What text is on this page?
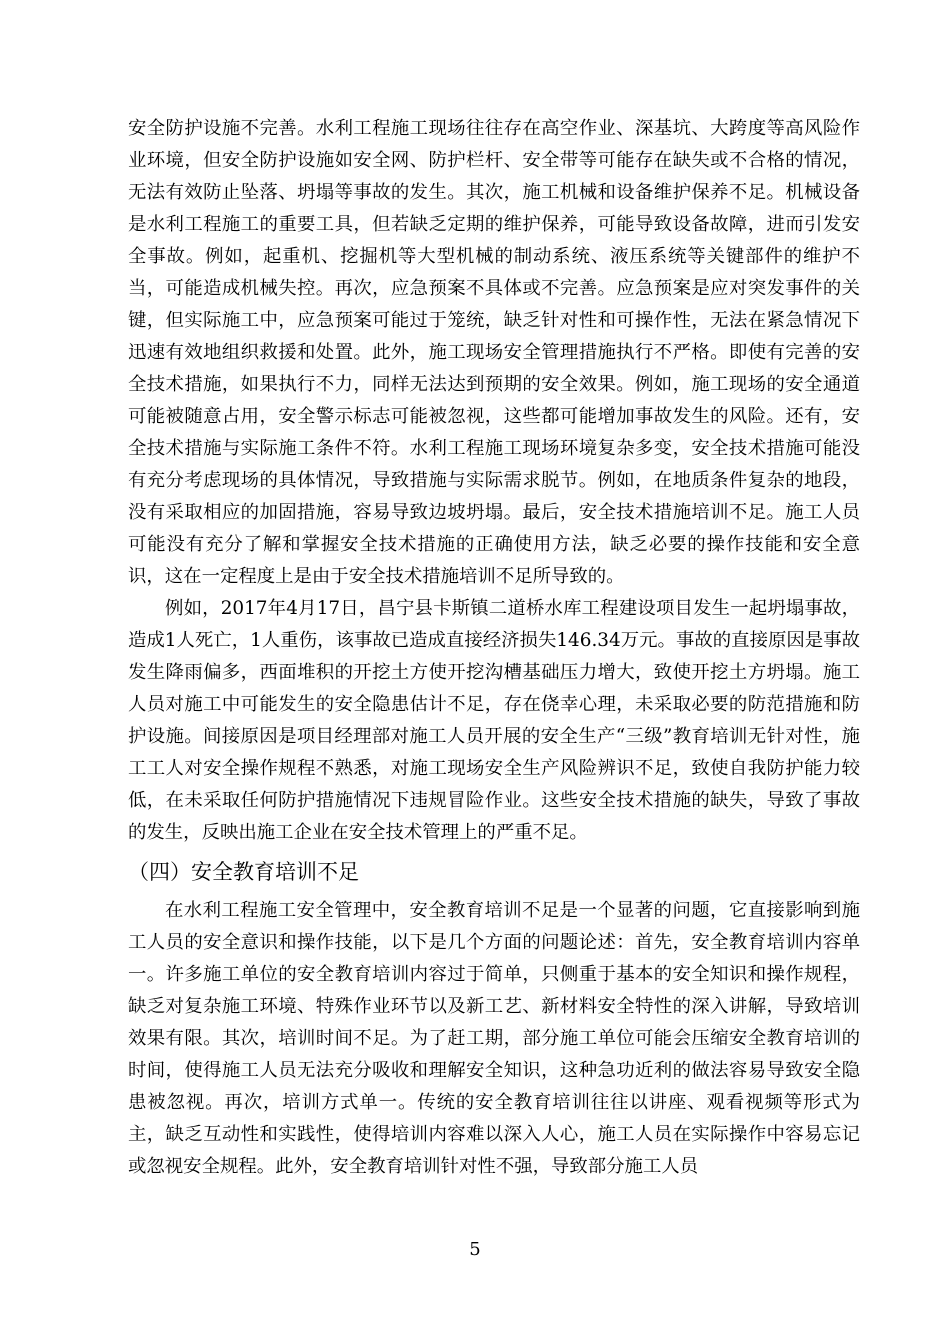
安全防护设施不完善。水利工程施工现场往往存在高空作业、深基坑、大跨度等高风险作业环境，但安全防护设施如安全网、防护栏杆、安全带等可能存在缺失或不合格的情况，无法有效防止坠落、坍塌等事故的发生。其次，施工机械和设备维护保养不足。机械设备是水利工程施工的重要工具，但若缺乏定期的维护保养，可能导致设备故障，进而引发安全事故。例如，起重机、挖掘机等大型机械的制动系统、液压系统等关键部件的维护不当，可能造成机械失控。再次，应急预案不具体或不完善。应急预案是应对突发事件的关键，但实际施工中，应急预案可能过于笼统，缺乏针对性和可操作性，无法在紧急情况下迅速有效地组织救援和处置。此外，施工现场安全管理措施执行不严格。即使有完善的安全技术措施，如果执行不力，同样无法达到预期的安全效果。例如，施工现场的安全通道可能被随意占用，安全警示标志可能被忽视，这些都可能增加事故发生的风险。还有，安全技术措施与实际施工条件不符。水利工程施工现场环境复杂多变，安全技术措施可能没有充分考虑现场的具体情况，导致措施与实际需求脱节。例如，在地质条件复杂的地段，没有采取相应的加固措施，容易导致边坡坍塌。最后，安全技术措施培训不足。施工人员可能没有充分了解和掌握安全技术措施的正确使用方法，缺乏必要的操作技能和安全意识，这在一定程度上是由于安全技术措施培训不足所导致的。

例如，2017年4月17日，昌宁县卡斯镇二道桥水库工程建设项目发生一起坍塌事故，造成1人死亡，1人重伤，该事故已造成直接经济损失146.34万元。事故的直接原因是事故发生降雨偏多，西面堆积的开挖土方使开挖沟槽基础压力增大，致使开挖土方坍塌。施工人员对施工中可能发生的安全隐患估计不足，存在侥幸心理，未采取必要的防范措施和防护设施。间接原因是项目经理部对施工人员开展的安全生产“三级”教育培训无针对性，施工工人对安全操作规程不熟悉，对施工现场安全生产风险辨识不足，致使自我防护能力较低，在未采取任何防护措施情况下违规冒险作业。这些安全技术措施的缺失，导致了事故的发生，反映出施工企业在安全技术管理上的严重不足。

（四）安全教育培训不足

在水利工程施工安全管理中，安全教育培训不足是一个显著的问题，它直接影响到施工人员的安全意识和操作技能，以下是几个方面的问题论述：首先，安全教育培训内容单一。许多施工单位的安全教育培训内容过于简单，只侧重于基本的安全知识和操作规程，缺乏对复杂施工环境、特殊作业环节以及新工艺、新材料安全特性的深入讲解，导致培训效果有限。其次，培训时间不足。为了赶工期，部分施工单位可能会压缩安全教育培训的时间，使得施工人员无法充分吸收和理解安全知识，这种急功近利的做法容易导致安全隐患被忽视。再次，培训方式单一。传统的安全教育培训往往以讲座、观看视频等形式为主，缺乏互动性和实践性，使得培训内容难以深入人心，施工人员在实际操作中容易忘记或忽视安全规程。此外，安全教育培训针对性不强，导致部分施工人员

5
